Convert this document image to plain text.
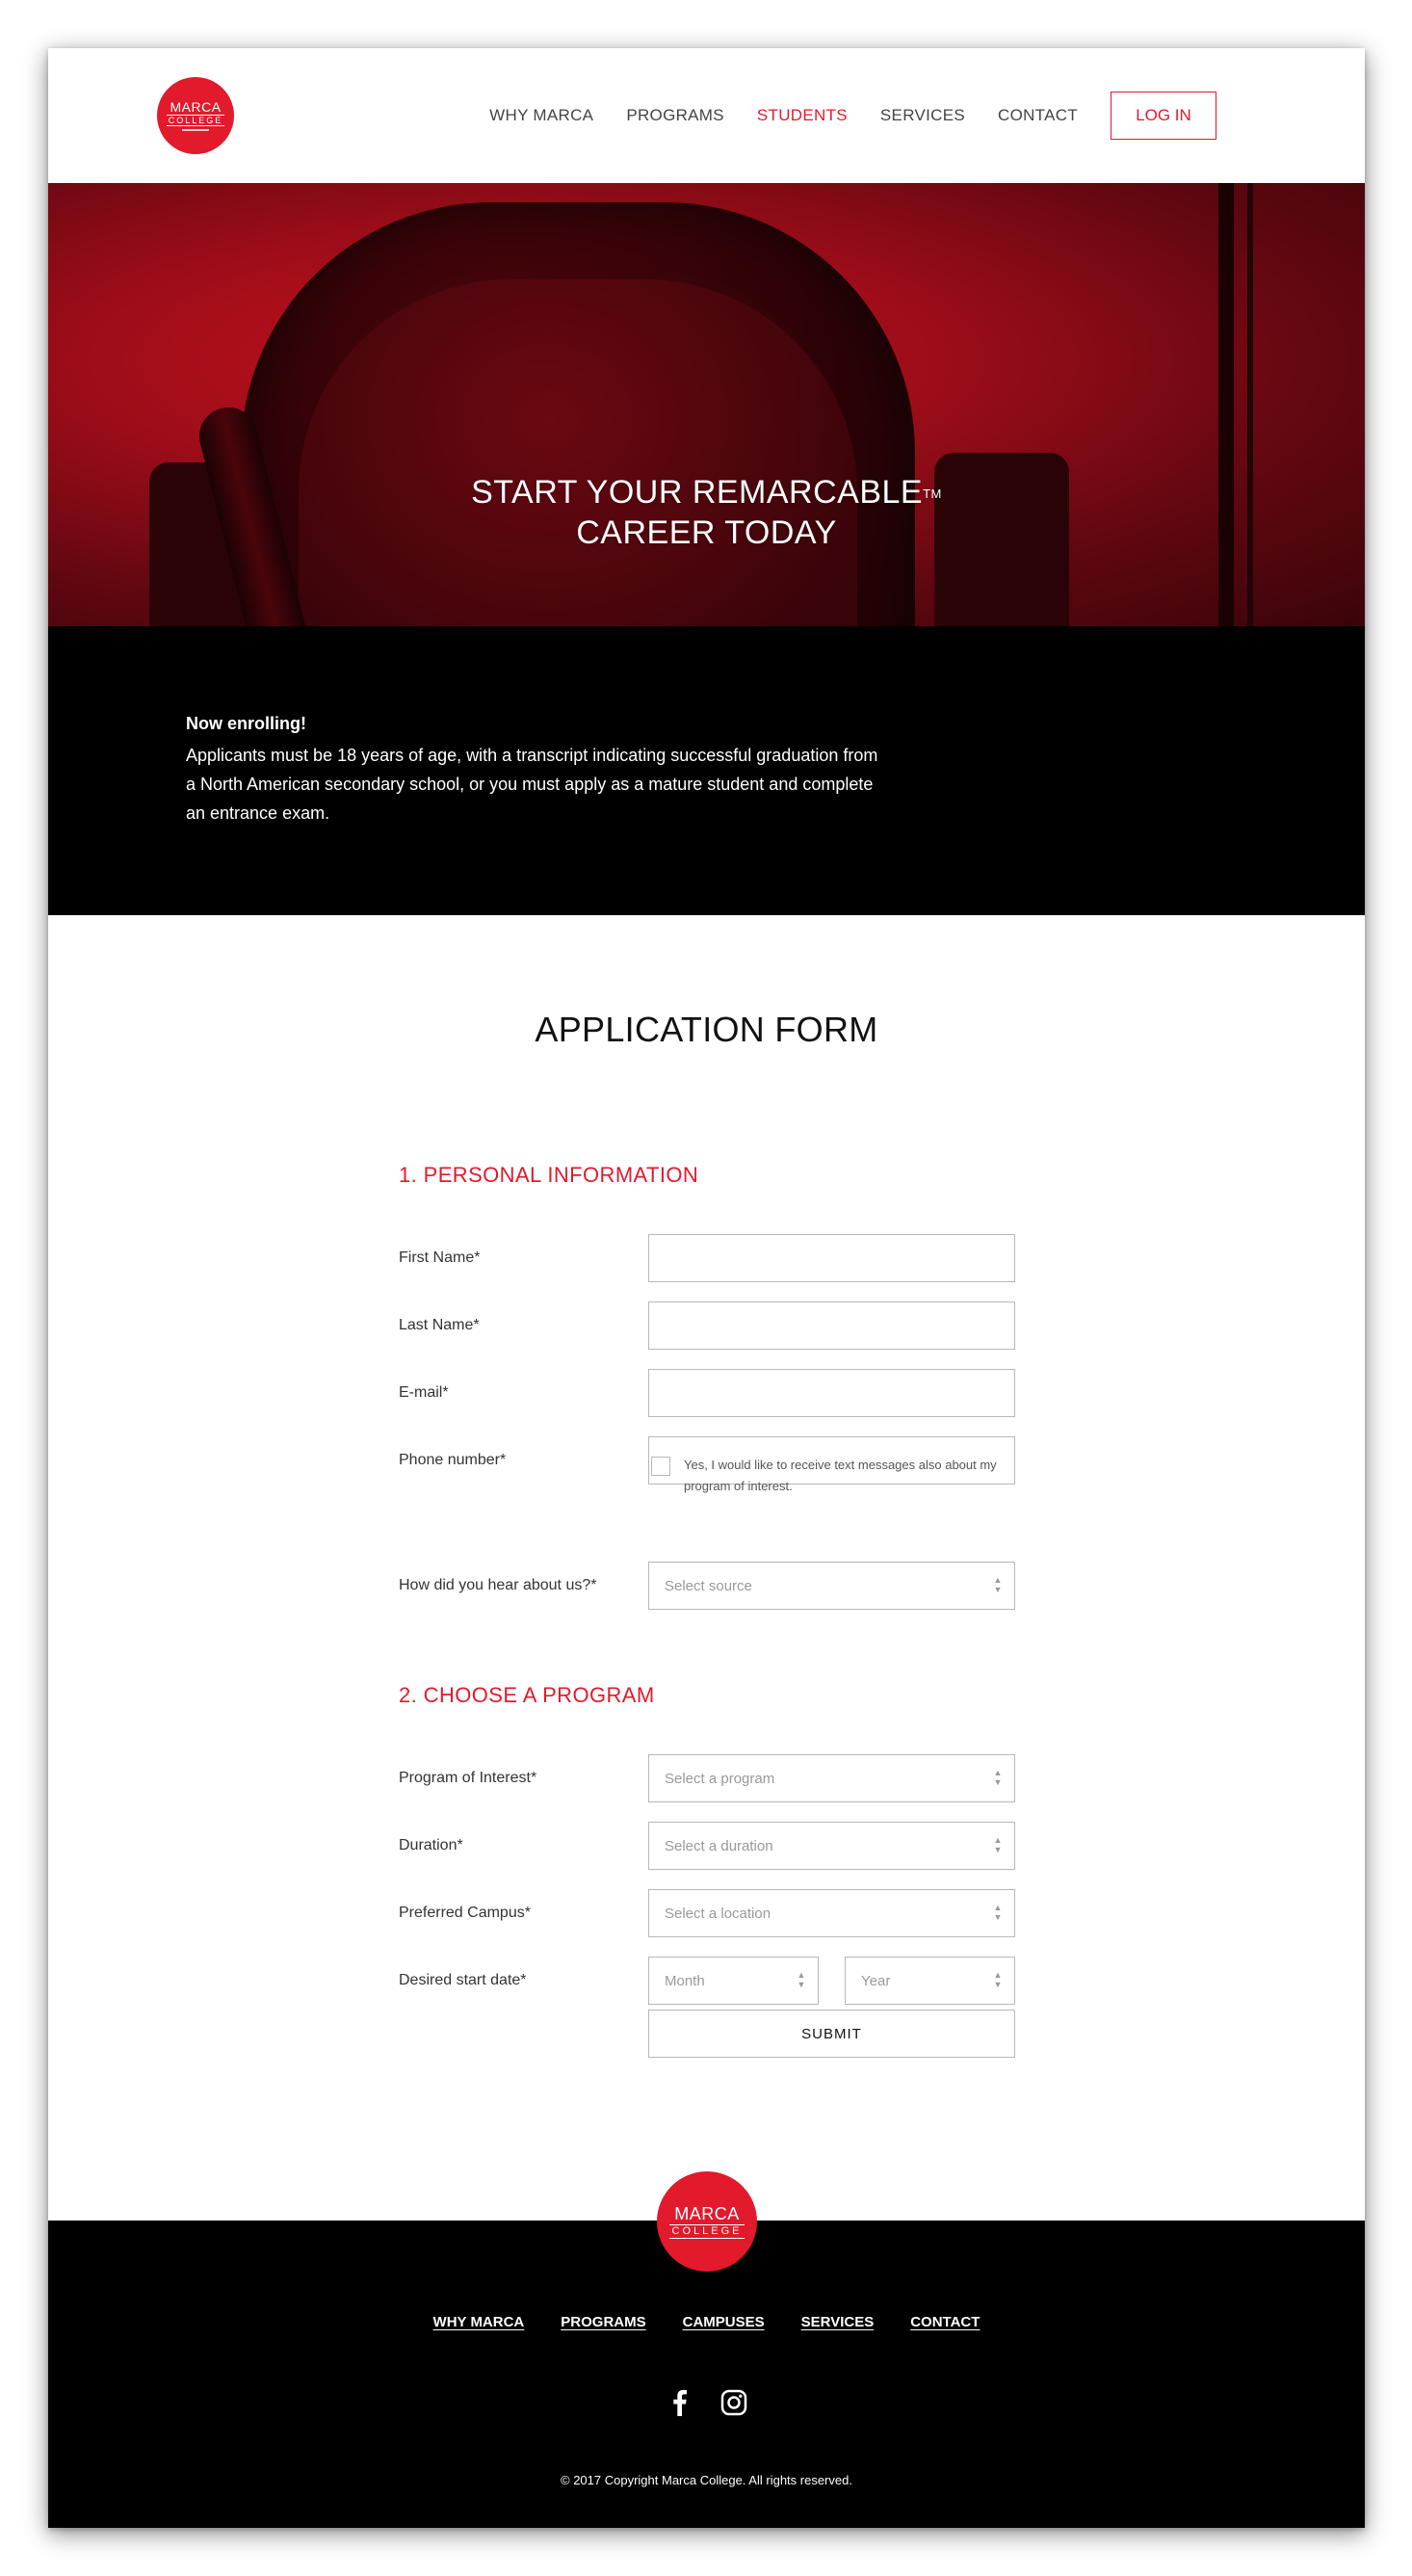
MARCA
COLLEGE	WHY MARCA PROGRAMS STUDENTS SERVICES CONTACT	LOG IN
START YOUR REMARCABLE™
CAREER TODAY
Now enrolling!
Applicants must be 18 years of age, with a transcript indicating successful graduation from a North American secondary school, or you must apply as a mature student and complete an entrance exam.
APPLICATION FORM
1. PERSONAL INFORMATION
First Name*
Last Name*
E-mail*
Phone number*	Yes, I would like to receive text messages also about my program of interest.
How did you hear about us?*	Select source	▲
▼
2. CHOOSE A PROGRAM
Program of Interest*	Select a program	▲
▼
Duration*	Select a duration	▲
▼
Preferred Campus*	Select a location	▲
▼
Desired start date*	Month	▲
▼	Year	▲
▼
SUBMIT
MARCA
COLLEGE
WHY MARCA	PROGRAMS	CAMPUSES	SERVICES	CONTACT
© 2017 Copyright Marca College. All rights reserved.
